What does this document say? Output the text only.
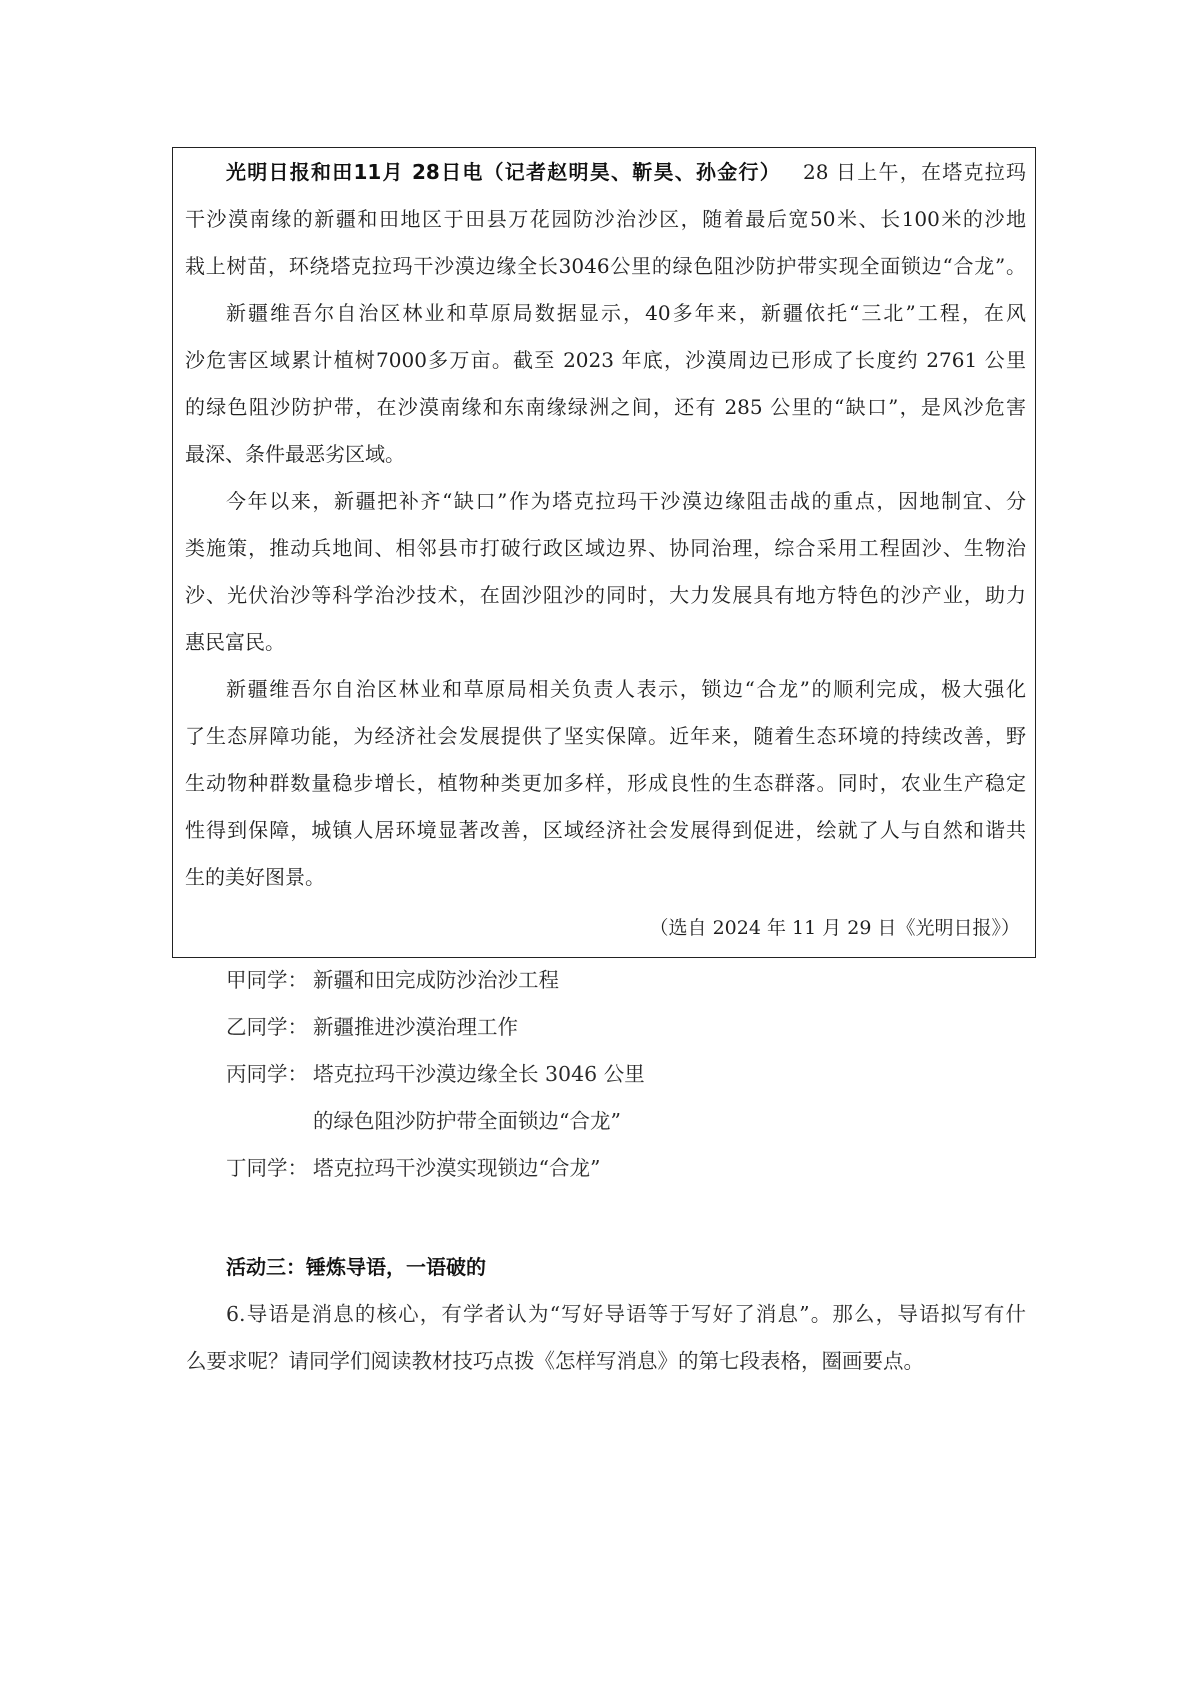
光明日报和田11月 28日电（记者赵明昊、靳昊、孙金行） 28 日上午，在塔克拉玛
干沙漠南缘的新疆和田地区于田县万花园防沙治沙区，随着最后宽50米、长100米的沙地
栽上树苗，环绕塔克拉玛干沙漠边缘全长3046公里的绿色阻沙防护带实现全面锁边“合龙”。
新疆维吾尔自治区林业和草原局数据显示，40多年来，新疆依托“三北”工程，在风
沙危害区域累计植树7000多万亩。截至 2023 年底，沙漠周边已形成了长度约 2761 公里
的绿色阻沙防护带，在沙漠南缘和东南缘绿洲之间，还有 285 公里的“缺口”，是风沙危害
最深、条件最恶劣区域。
今年以来，新疆把补齐“缺口”作为塔克拉玛干沙漠边缘阻击战的重点，因地制宜、分
类施策，推动兵地间、相邻县市打破行政区域边界、协同治理，综合采用工程固沙、生物治
沙、光伏治沙等科学治沙技术，在固沙阻沙的同时，大力发展具有地方特色的沙产业，助力
惠民富民。
新疆维吾尔自治区林业和草原局相关负责人表示，锁边“合龙”的顺利完成，极大强化
了生态屏障功能，为经济社会发展提供了坚实保障。近年来，随着生态环境的持续改善，野
生动物种群数量稳步增长，植物种类更加多样，形成良性的生态群落。同时，农业生产稳定
性得到保障，城镇人居环境显著改善，区域经济社会发展得到促进，绘就了人与自然和谐共
生的美好图景。
（选自 2024 年 11 月 29 日《光明日报》）
甲同学： 新疆和田完成防沙治沙工程
乙同学： 新疆推进沙漠治理工作
丙同学： 塔克拉玛干沙漠边缘全长 3046 公里
的绿色阻沙防护带全面锁边“合龙”
丁同学： 塔克拉玛干沙漠实现锁边“合龙”
活动三：锤炼导语，一语破的
6.导语是消息的核心，有学者认为“写好导语等于写好了消息”。那么，导语拟写有什
么要求呢？请同学们阅读教材技巧点拨《怎样写消息》的第七段表格，圈画要点。
